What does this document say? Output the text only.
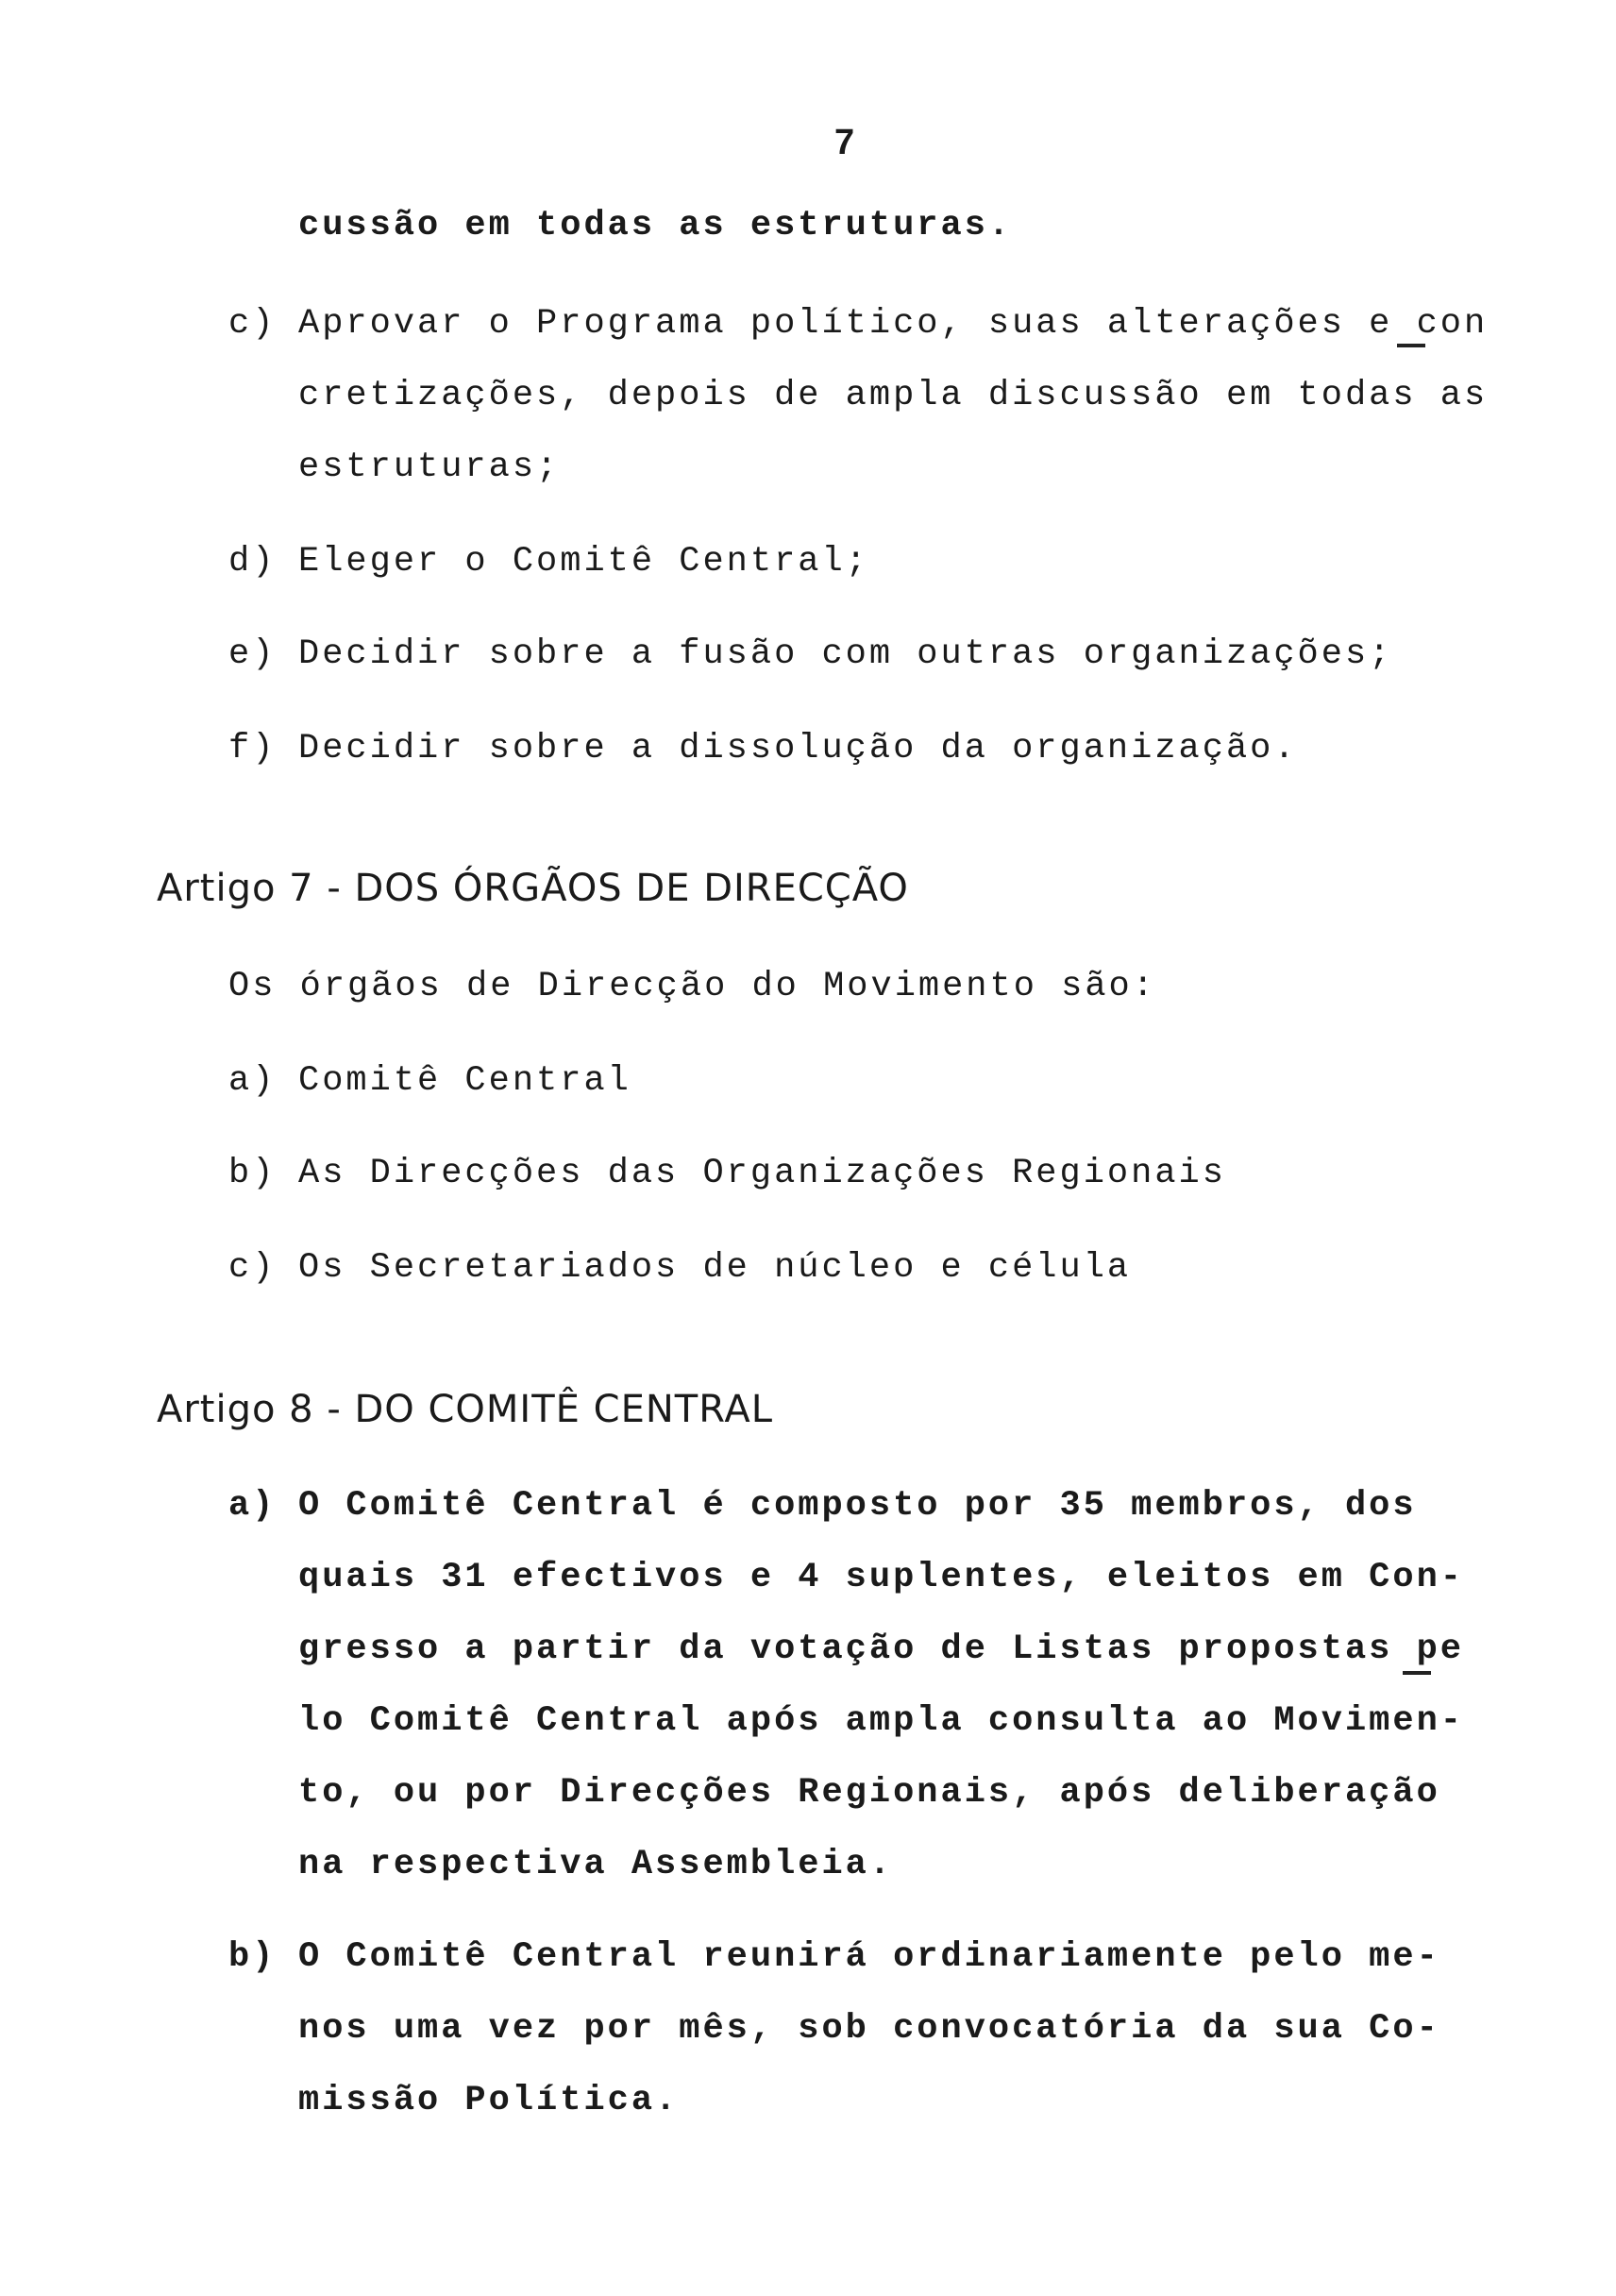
7
cussão em todas as estruturas.
c) Aprovar o Programa político, suas alterações e con
cretizações, depois de ampla discussão em todas as
estruturas;
d) Eleger o Comitê Central;
e) Decidir sobre a fusão com outras organizações;
f) Decidir sobre a dissolução da organização.
Artigo 7 - DOS ÓRGÃOS DE DIRECÇÃO
Os órgãos de Direcção do Movimento são:
a) Comitê Central
b) As Direcções das Organizações Regionais
c) Os Secretariados de núcleo e célula
Artigo 8 - DO COMITÊ CENTRAL
a) O Comitê Central é composto por 35 membros, dos
quais 31 efectivos e 4 suplentes, eleitos em Con-
gresso a partir da votação de Listas propostas pe
lo Comitê Central após ampla consulta ao Movimen-
to, ou por Direcções Regionais, após deliberação
na respectiva Assembleia.
b) O Comitê Central reunirá ordinariamente pelo me-
nos uma vez por mês, sob convocatória da sua Co-
missão Política.
